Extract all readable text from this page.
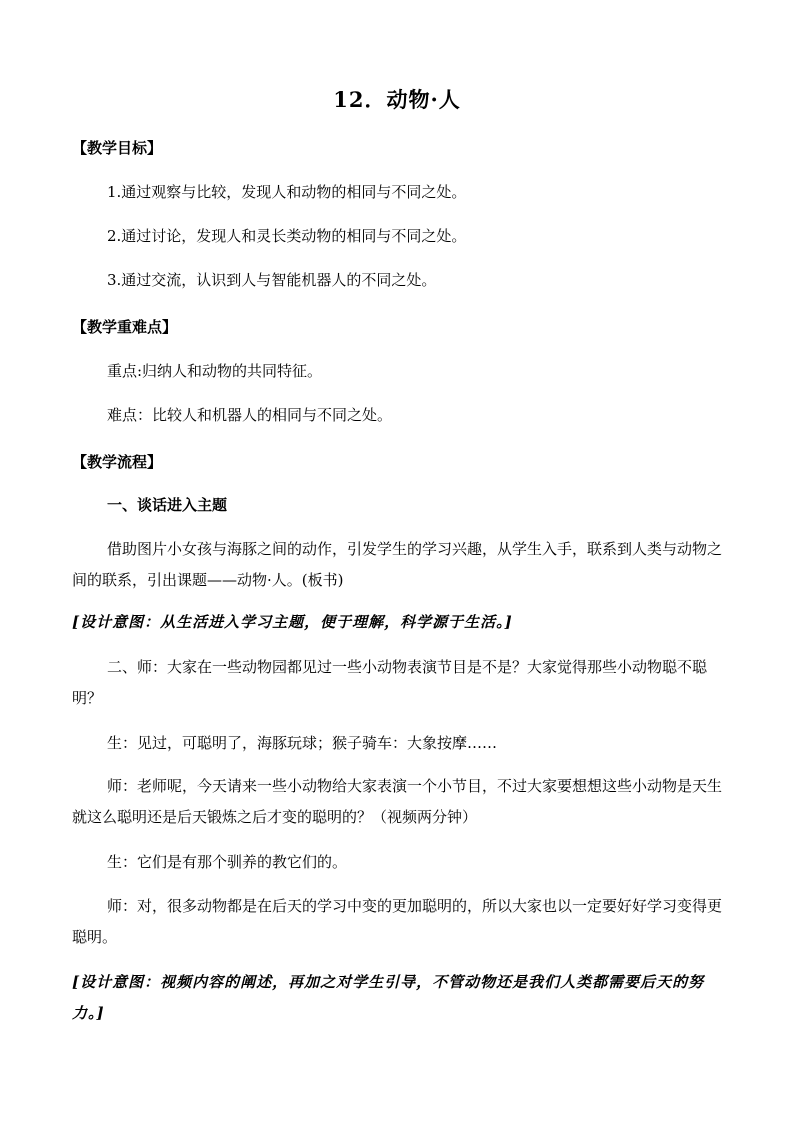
12．动物·人
【教学目标】
1.通过观察与比较，发现人和动物的相同与不同之处。
2.通过讨论，发现人和灵长类动物的相同与不同之处。
3.通过交流，认识到人与智能机器人的不同之处。
【教学重难点】
重点:归纳人和动物的共同特征。
难点：比较人和机器人的相同与不同之处。
【教学流程】
一、谈话进入主题
借助图片小女孩与海豚之间的动作，引发学生的学习兴趣，从学生入手，联系到人类与动物之间的联系，引出课题——动物·人。(板书)
[设计意图：从生活进入学习主题，便于理解，科学源于生活。]
二、师：大家在一些动物园都见过一些小动物表演节目是不是？大家觉得那些小动物聪不聪明？
生：见过，可聪明了，海豚玩球；猴子骑车：大象按摩……
师：老师呢，今天请来一些小动物给大家表演一个小节目，不过大家要想想这些小动物是天生就这么聪明还是后天锻炼之后才变的聪明的？（视频两分钟）
生：它们是有那个驯养的教它们的。
师：对，很多动物都是在后天的学习中变的更加聪明的，所以大家也以一定要好好学习变得更聪明。
[设计意图：视频内容的阐述，再加之对学生引导，不管动物还是我们人类都需要后天的努力。]
